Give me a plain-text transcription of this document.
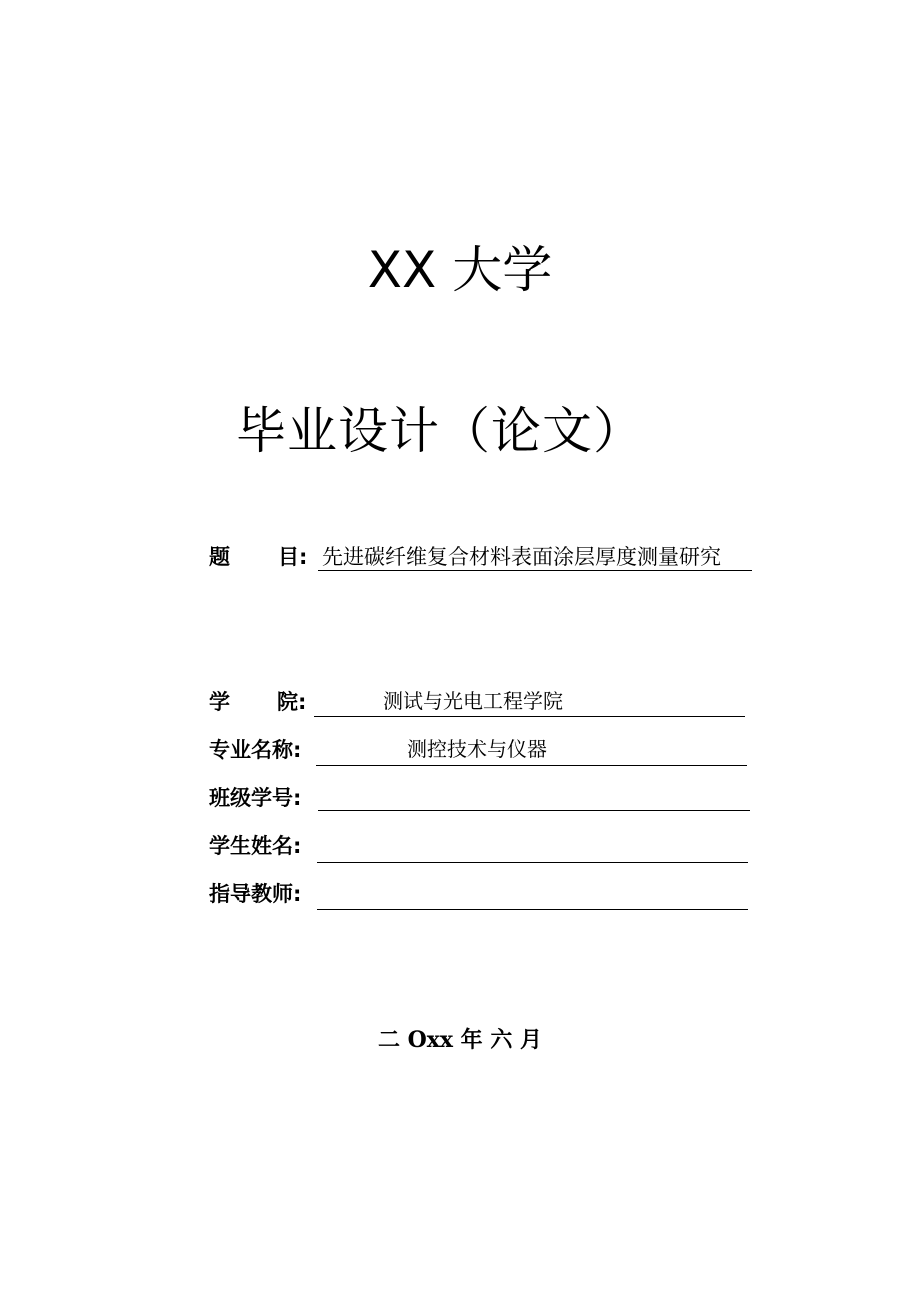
XX 大学
毕业设计（论文）
题 目: 先进碳纤维复合材料表面涂层厚度测量研究
学 院:	测试与光电工程学院
专业名称:	测控技术与仪器
班级学号:
学生姓名:
指导教师:
二 Oxx 年 六 月
